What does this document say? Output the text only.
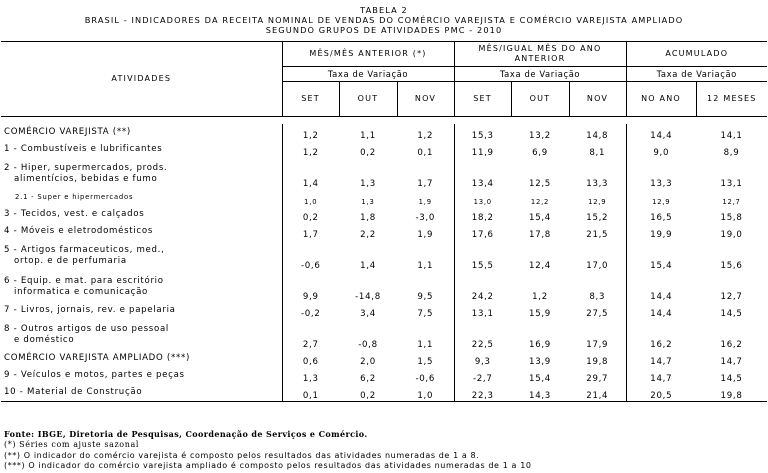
TABELA 2
BRASIL - INDICADORES DA RECEITA NOMINAL DE VENDAS DO COMÉRCIO VAREJISTA E COMÉRCIO VAREJISTA AMPLIADO
SEGUNDO GRUPOS DE ATIVIDADES PMC - 2010
ATIVIDADES	MÊS/MÊS ANTERIOR (*)			MÊS/IGUAL MÊS DO ANO
ANTERIOR			ACUMULADO	
	Taxa de Variação			Taxa de Variação			Taxa de Variação	
	SET	OUT	NOV	SET	OUT	NOV	NO ANO	12 MESES

COMÉRCIO VAREJISTA (**)	1,2	1,1	1,2	15,3	13,2	14,8	14,4	14,1

1 - Combustíveis e lubrificantes	1,2	0,2	0,1	11,9	6,9	8,1	9,0	8,9

2 - Hiper, supermercados, prods.
alimentícios, bebidas e fumo	1,4	1,3	1,7	13,4	12,5	13,3	13,3	13,1

2.1 - Super e hipermercados	1,0	1,3	1,9	13,0	12,2	12,9	12,9	12,7

3 - Tecidos, vest. e calçados	0,2	1,8	-3,0	18,2	15,4	15,2	16,5	15,8

4 - Móveis e eletrodomésticos	1,7	2,2	1,9	17,6	17,8	21,5	19,9	19,0

5 - Artigos farmaceuticos, med.,
ortop. e de perfumaria	-0,6	1,4	1,1	15,5	12,4	17,0	15,4	15,6

6 - Equip. e mat. para escritório
informatica e comunicação	9,9	-14,8	9,5	24,2	1,2	8,3	14,4	12,7

7 - Livros, jornais, rev. e papelaria	-0,2	3,4	7,5	13,1	15,9	27,5	14,4	14,5

8 - Outros artigos de uso pessoal
e doméstico	2,7	-0,8	1,1	22,5	16,9	17,9	16,2	16,2

COMÉRCIO VAREJISTA AMPLIADO (***)	0,6	2,0	1,5	9,3	13,9	19,8	14,7	14,7

9 - Veículos e motos, partes e peças	1,3	6,2	-0,6	-2,7	15,4	29,7	14,7	14,5

10 - Material de Construção	0,1	0,2	1,0	22,3	14,3	21,4	20,5	19,8
Fonte: IBGE, Diretoria de Pesquisas, Coordenação de Serviços e Comércio.
(*) Séries com ajuste sazonal
(**) O indicador do comércio varejista é composto pelos resultados das atividades numeradas de 1 a 8.
(***) O indicador do comércio varejista ampliado é composto pelos resultados das atividades numeradas de 1 a 10
